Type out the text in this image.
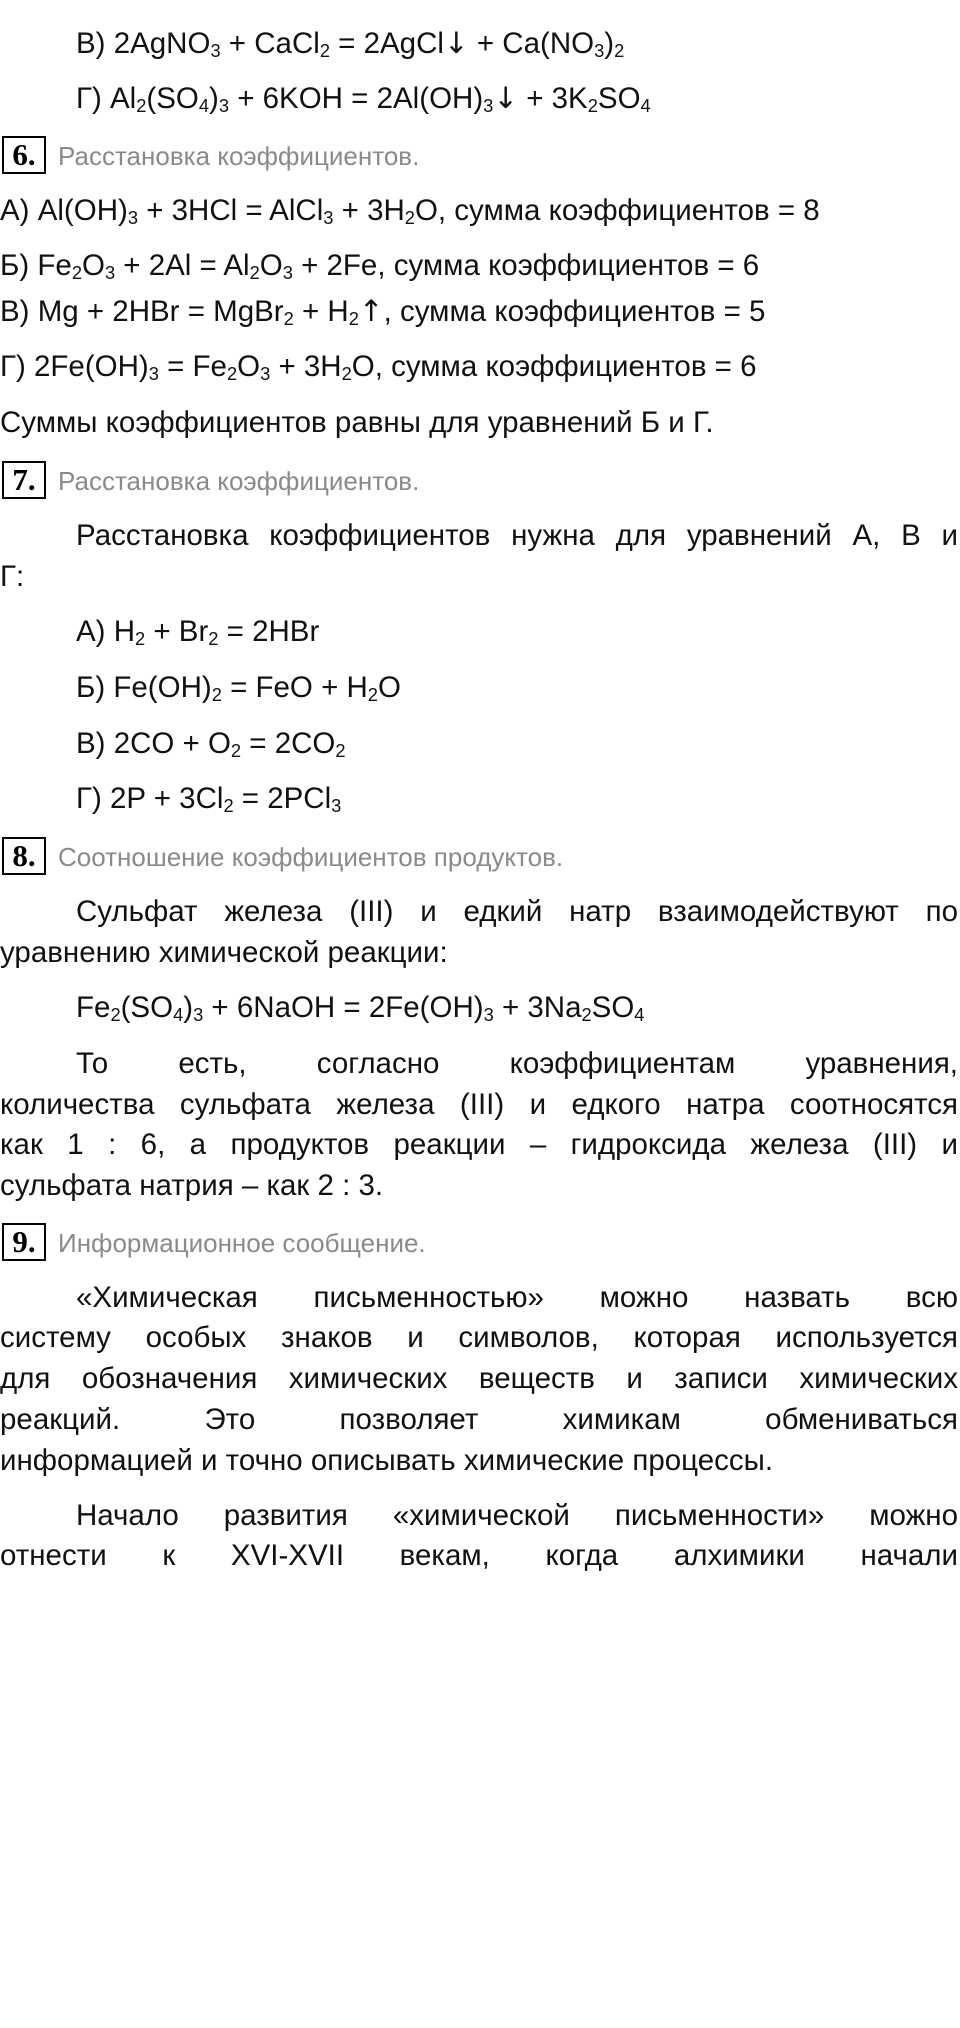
В) 2AgNO$_3$ + CaCl$_2$ = 2AgCl↓ + $Ca(NO_3)_2$
Г) $Al_2(SO_4)_3 + 6KOH$ = $2Al(OH)_3↓ + 3K_2SO_4$
6. Расстановка коэффициентов.
А) $Al(OH)_3 + 3HCl$ = AlCl$_3$ + $3H_2O$, сумма коэффициентов = 8
Б) $Fe_2O_3 + 2Al = Al_2O_3 + 2Fe$, сумма коэффициентов = 6
В) Mg + 2HBr = MgBr$_2$ + $H_2↑$, сумма коэффициентов = 5
Г) $2Fe(OH)_3 = Fe_2O_3 + 3H_2O$, сумма коэффициентов = 6
Суммы коэффициентов равны для уравнений Б и Г.
7. Расстановка коэффициентов.
Расстановка коэффициентов нужна для уравнений А, В и
Г:
А) $H_2 + Br_2 = 2HBr$
Б) $Fe(OH)_2$ = FeO + $H_2O$
В) $2CO + O_2 = 2CO_2$
Г) $2P + 3Cl_2 = 2PCl_3$
8. Соотношение коэффициентов продуктов.
Сульфат железа (III) и едкий натр взаимодействуют по
уравнению химической реакции:
$Fe_2(SO_4)_3$ + 6NaOH = $2Fe(OH)_3 + 3Na_2SO_4$
То есть, согласно коэффициентам уравнения,
количества сульфата железа (III) и едкого натра соотносятся
как 1 : 6, а продуктов реакции – гидроксида железа (III) и
сульфата натрия – как 2 : 3.
9. Информационное сообщение.
«Химическая письменностью» можно назвать всю
систему особых знаков и символов, которая используется
для обозначения химических веществ и записи химических
реакций. Это позволяет химикам обмениваться
информацией и точно описывать химические процессы.
Начало развития «химической письменности» можно
отнести к XVI-XVII векам, когда алхимики начали
